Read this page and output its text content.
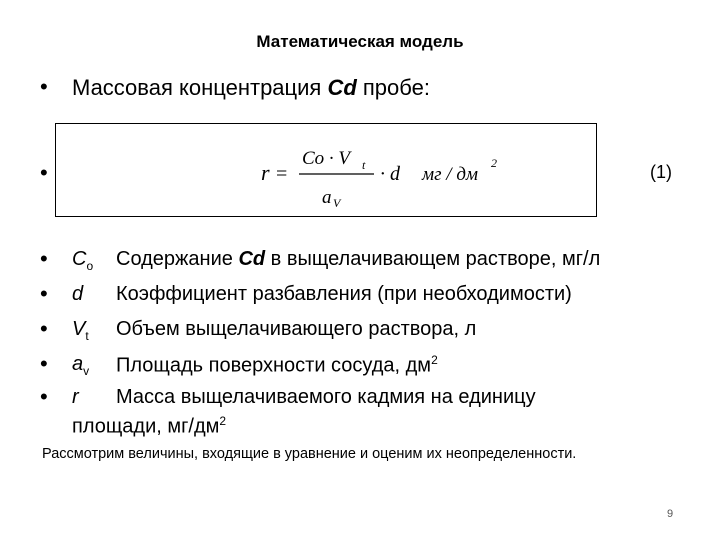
Математическая модель
• Массовая концентрация Cd пробе:
•	r =
Co · V t
a V
· d мг / дм
2	(1)
• $C_o$ Содержание Cd в выщелачивающем растворе, мг/л
• d Коэффициент разбавления (при необходимости)
• $V_t$ Объем выщелачивающего раствора, л
• $a_v$ Площадь поверхности сосуда, $дм^2$
• r Масса выщелачиваемого кадмия на единицу
площади, $мг/дм^2$
Рассмотрим величины, входящие в уравнение и оценим их неопределенности.
9
